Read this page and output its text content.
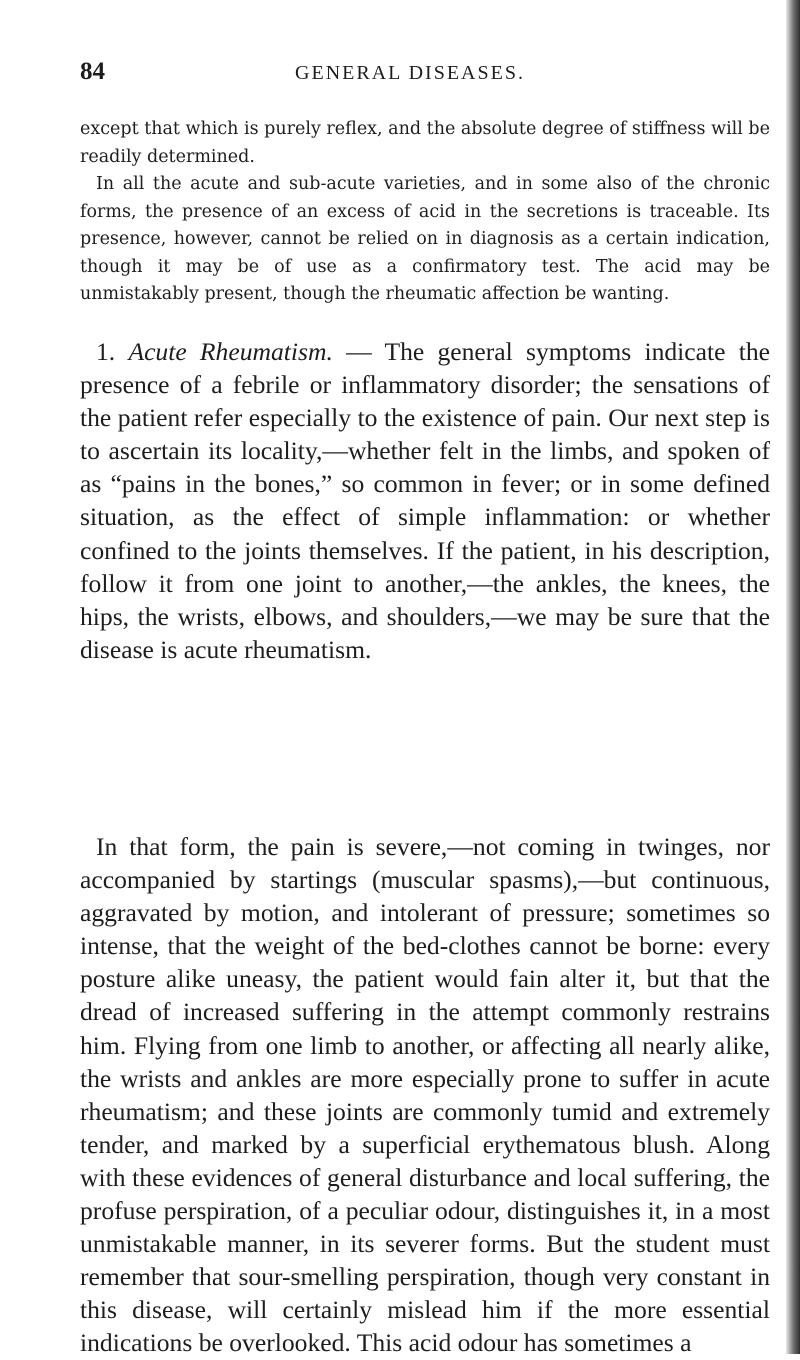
84	GENERAL DISEASES.

except that which is purely reflex, and the absolute degree of stiffness will be readily determined.

In all the acute and sub-acute varieties, and in some also of the chronic forms, the presence of an excess of acid in the secretions is traceable. Its presence, however, cannot be relied on in diagnosis as a certain indication, though it may be of use as a confirmatory test. The acid may be unmistakably present, though the rheumatic affection be wanting.

1. Acute Rheumatism. — The general symptoms indicate the presence of a febrile or inflammatory disorder; the sensations of the patient refer especially to the existence of pain. Our next step is to ascertain its locality,—whether felt in the limbs, and spoken of as “pains in the bones,” so common in fever; or in some defined situation, as the effect of simple inflammation: or whether confined to the joints themselves. If the patient, in his description, follow it from one joint to another,—the ankles, the knees, the hips, the wrists, elbows, and shoulders,—we may be sure that the disease is acute rheumatism.

In that form, the pain is severe,—not coming in twinges, nor accompanied by startings (muscular spasms),—but continuous, aggravated by motion, and intolerant of pressure; sometimes so intense, that the weight of the bed-clothes cannot be borne: every posture alike uneasy, the patient would fain alter it, but that the dread of increased suffering in the attempt commonly restrains him. Flying from one limb to another, or affecting all nearly alike, the wrists and ankles are more especially prone to suffer in acute rheumatism; and these joints are commonly tumid and extremely tender, and marked by a superficial erythematous blush. Along with these evidences of general disturbance and local suffering, the profuse perspiration, of a peculiar odour, distinguishes it, in a most unmistakable manner, in its severer forms. But the student must remember that sour-smelling perspiration, though very constant in this disease, will certainly mislead him if the more essential indications be overlooked. This acid odour has sometimes a
